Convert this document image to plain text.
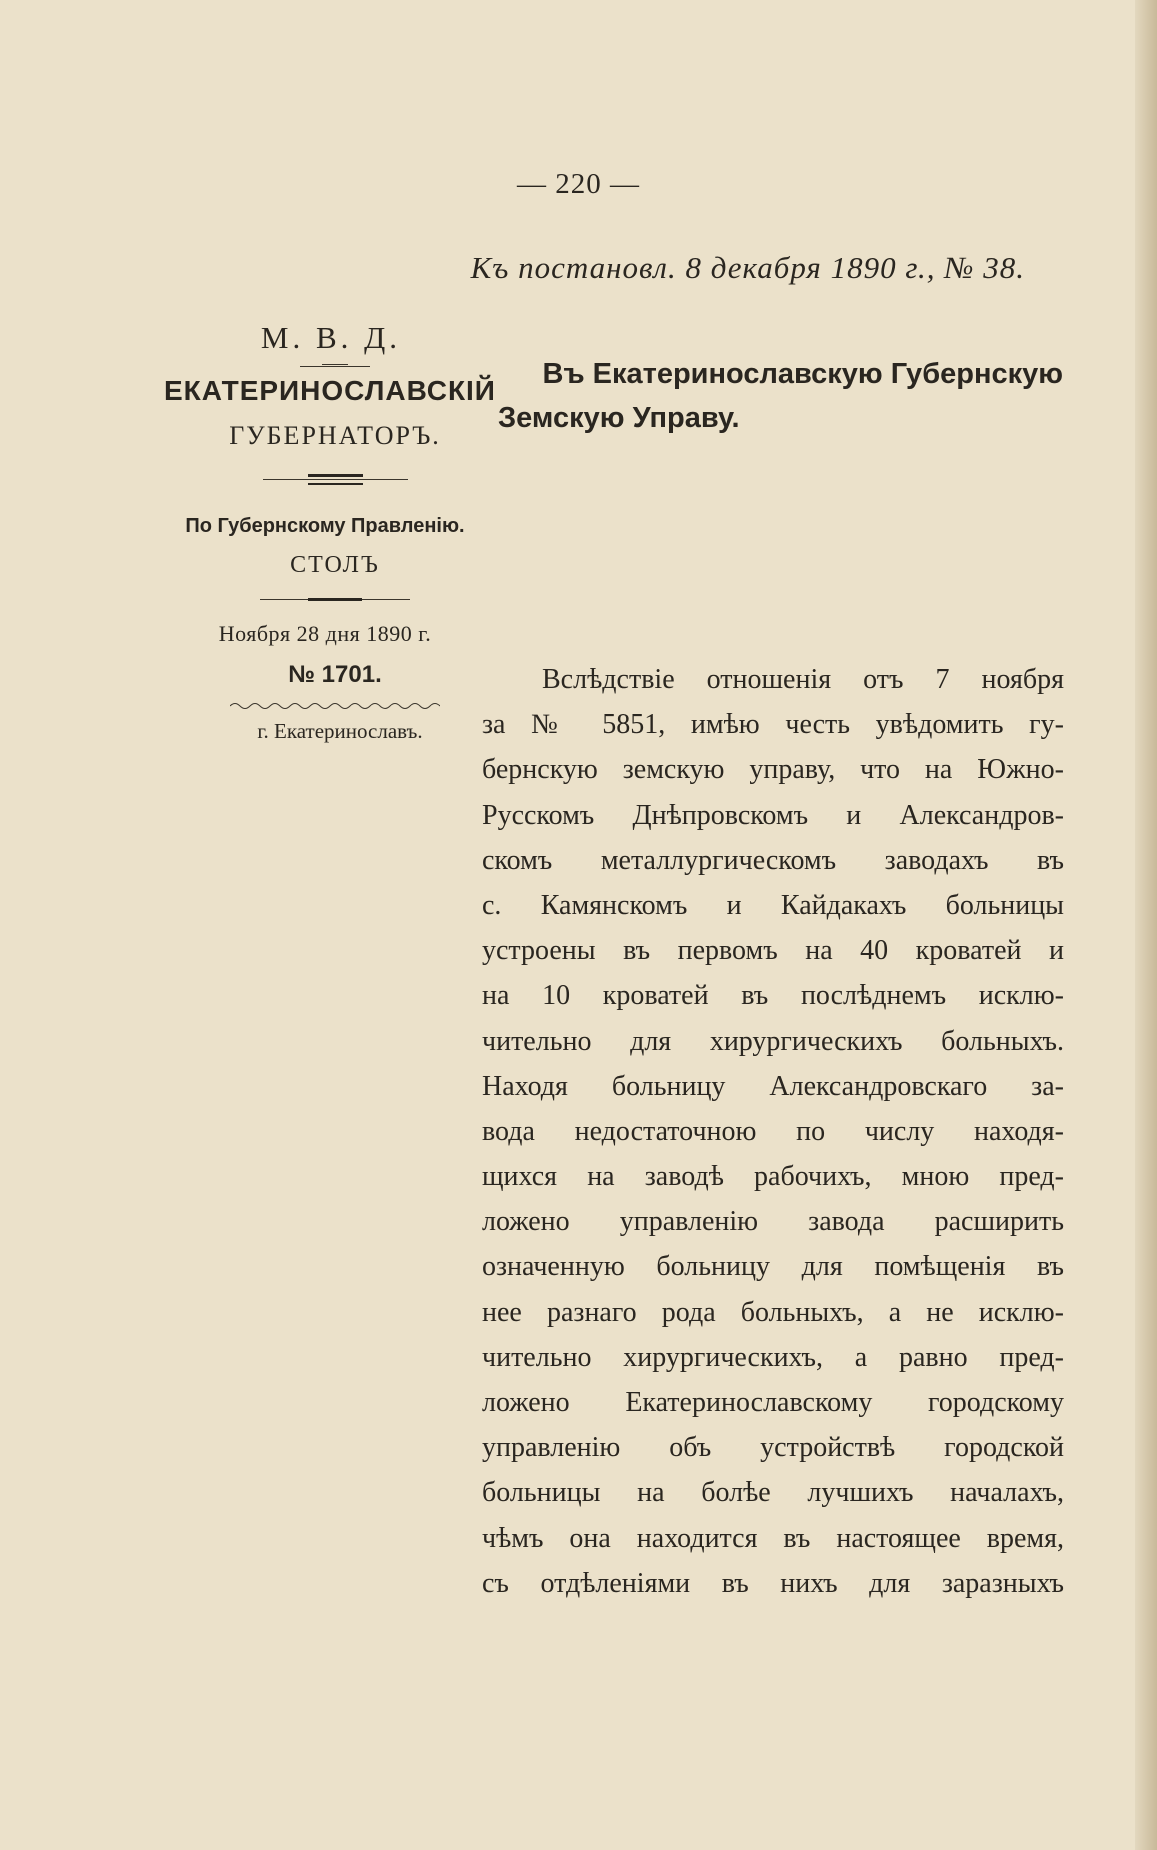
— 220 —
Къ постановл. 8 декабря 1890 г., № 38.
М. В. Д.
ЕКАТЕРИНОСЛАВСКІЙ
ГУБЕРНАТОРЪ.
По Губернскому Правленію.
СТОЛЪ
Ноября 28 дня 1890 г.
№ 1701.
г. Екатеринославъ.
Въ Екатеринославскую Губернскую
Земскую Управу.
Вслѣдствіе отношенія отъ 7 ноября
за № 5851, имѣю честь увѣдомить гу-
бернскую земскую управу, что на Южно-
Русскомъ Днѣпровскомъ и Александров-
скомъ металлургическомъ заводахъ въ
с. Камянскомъ и Кайдакахъ больницы
устроены въ первомъ на 40 кроватей и
на 10 кроватей въ послѣднемъ исклю-
чительно для хирургическихъ больныхъ.
Находя больницу Александровскаго за-
вода недостаточною по числу находя-
щихся на заводѣ рабочихъ, мною пред-
ложено управленію завода расширить
означенную больницу для помѣщенія въ
нее разнаго рода больныхъ, а не исклю-
чительно хирургическихъ, а равно пред-
ложено Екатеринославскому городскому
управленію объ устройствѣ городской
больницы на болѣе лучшихъ началахъ,
чѣмъ она находится въ настоящее время,
съ отдѣленіями въ нихъ для заразныхъ
